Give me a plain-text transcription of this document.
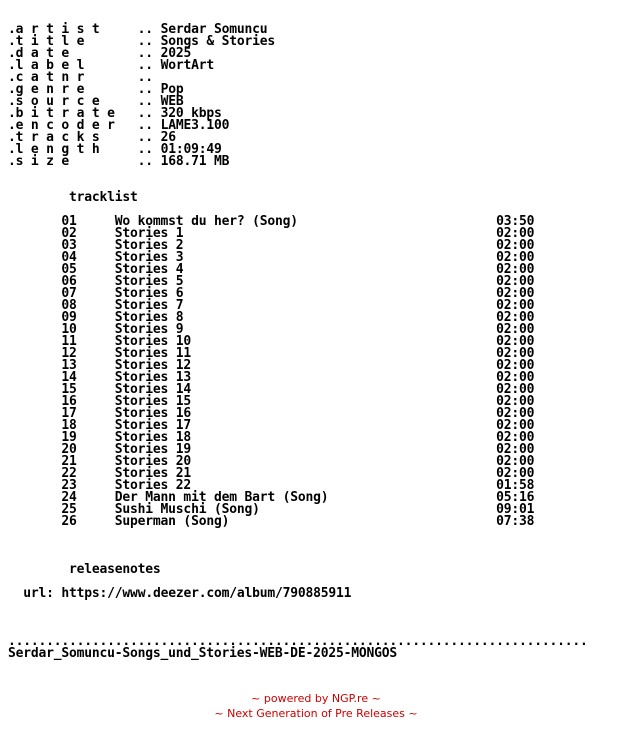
.a r t i s t     .. Serdar Somuncu
.t i t l e       .. Songs & Stories
.d a t e         .. 2025
.l a b e l       .. WortArt
.c a t n r       ..
.g e n r e       .. Pop
.s o u r c e     .. WEB
.b i t r a t e   .. 320 kbps
.e n c o d e r   .. LAME3.100
.t r a c k s     .. 26
.l e n g t h     .. 01:09:49
.s i z e         .. 168.71 MB

tracklist

01	Wo kommst du her? (Song)	03:50
02	Stories 1	02:00
03	Stories 2	02:00
04	Stories 3	02:00
05	Stories 4	02:00
06	Stories 5	02:00
07	Stories 6	02:00
08	Stories 7	02:00
09	Stories 8	02:00
10	Stories 9	02:00
11	Stories 10	02:00
12	Stories 11	02:00
13	Stories 12	02:00
14	Stories 13	02:00
15	Stories 14	02:00
16	Stories 15	02:00
17	Stories 16	02:00
18	Stories 17	02:00
19	Stories 18	02:00
20	Stories 19	02:00
21	Stories 20	02:00
22	Stories 21	02:00
23	Stories 22	01:58
24	Der Mann mit dem Bart (Song)	05:16
25	Sushi Muschi (Song)	09:01
26	Superman (Song)	07:38

releasenotes

url: https://www.deezer.com/album/790885911

............................................................................
Serdar_Somuncu-Songs_und_Stories-WEB-DE-2025-MONGOS
~ powered by NGP.re ~
~ Next Generation of Pre Releases ~
